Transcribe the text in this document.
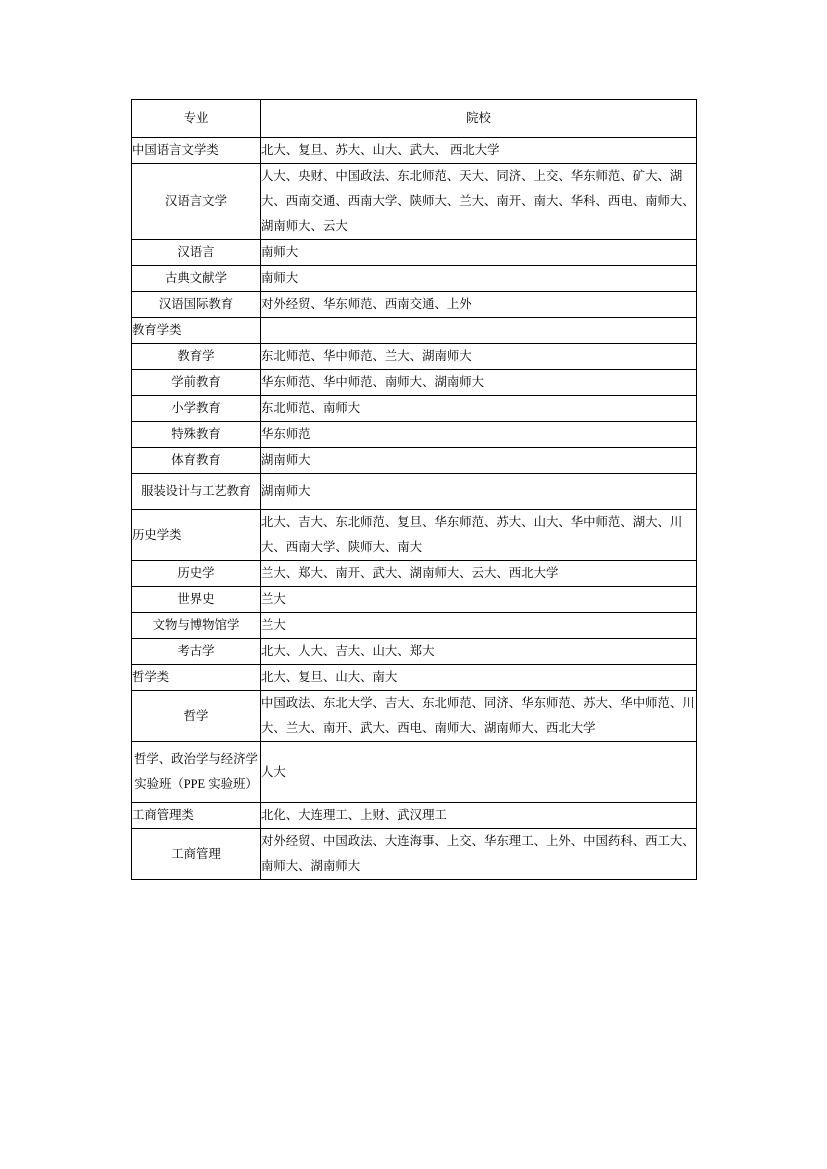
专业	院校
中国语言文学类	北大、复旦、苏大、山大、武大、 西北大学
汉语言文学	人大、央财、中国政法、东北师范、天大、同济、上交、华东师范、矿大、湖大、西南交通、西南大学、陕师大、兰大、南开、南大、华科、西电、南师大、湖南师大、云大
汉语言	南师大
古典文献学	南师大
汉语国际教育	对外经贸、华东师范、西南交通、上外
教育学类	
教育学	东北师范、华中师范、兰大、湖南师大
学前教育	华东师范、华中师范、南师大、湖南师大
小学教育	东北师范、南师大
特殊教育	华东师范
体育教育	湖南师大
服装设计与工艺教育	湖南师大
历史学类	北大、吉大、东北师范、复旦、华东师范、苏大、山大、华中师范、湖大、川大、西南大学、陕师大、南大
历史学	兰大、郑大、南开、武大、湖南师大、云大、西北大学
世界史	兰大
文物与博物馆学	兰大
考古学	北大、人大、吉大、山大、郑大
哲学类	北大、复旦、山大、南大
哲学	中国政法、东北大学、吉大、东北师范、同济、华东师范、苏大、华中师范、川大、兰大、南开、武大、西电、南师大、湖南师大、西北大学
哲学、政治学与经济学
实验班（PPE 实验班）	人大
工商管理类	北化、大连理工、上财、武汉理工
工商管理	对外经贸、中国政法、大连海事、上交、华东理工、上外、中国药科、西工大、南师大、湖南师大
